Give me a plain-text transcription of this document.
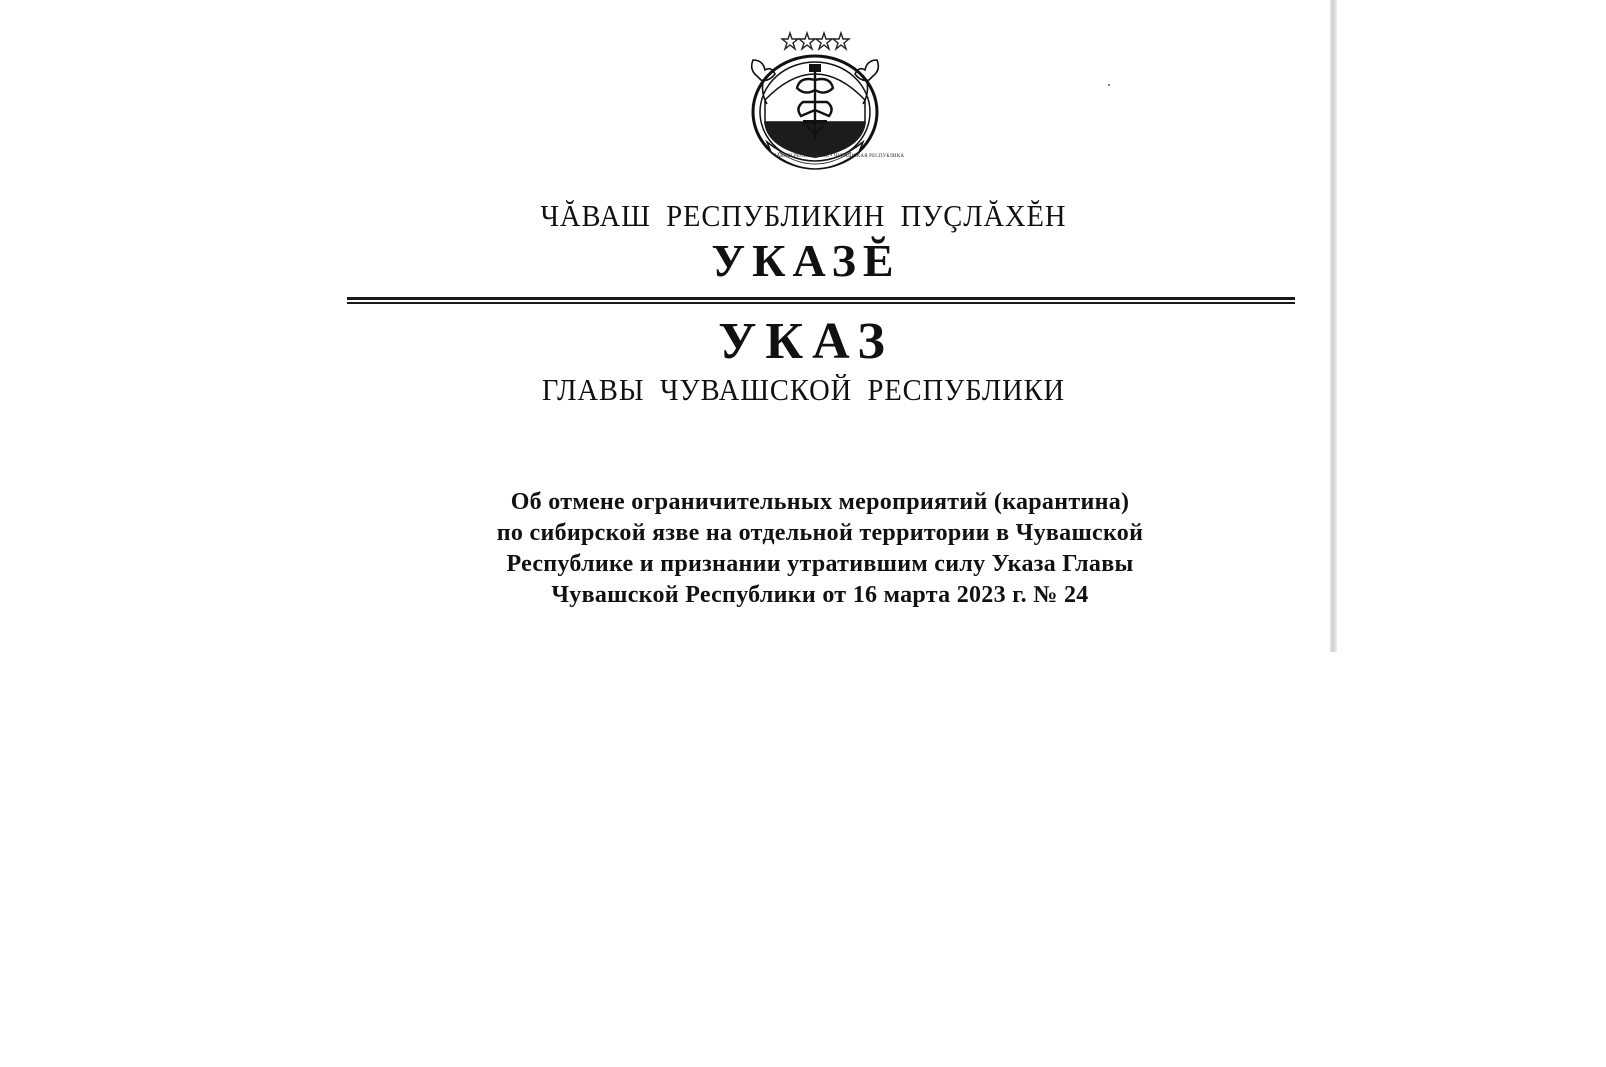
ЧĂВАШ РЕСПУБЛИКИ • ЧУВАШСКАЯ РЕСПУБЛИКА
ЧĂВАШ РЕСПУБЛИКИН ПУÇЛĂХĔН
УКАЗĔ
УКАЗ
ГЛАВЫ ЧУВАШСКОЙ РЕСПУБЛИКИ
Об отмене ограничительных мероприятий (карантина)
по сибирской язве на отдельной территории в Чувашской
Республике и признании утратившим силу Указа Главы
Чувашской Республики от 16 марта 2023 г. № 24
